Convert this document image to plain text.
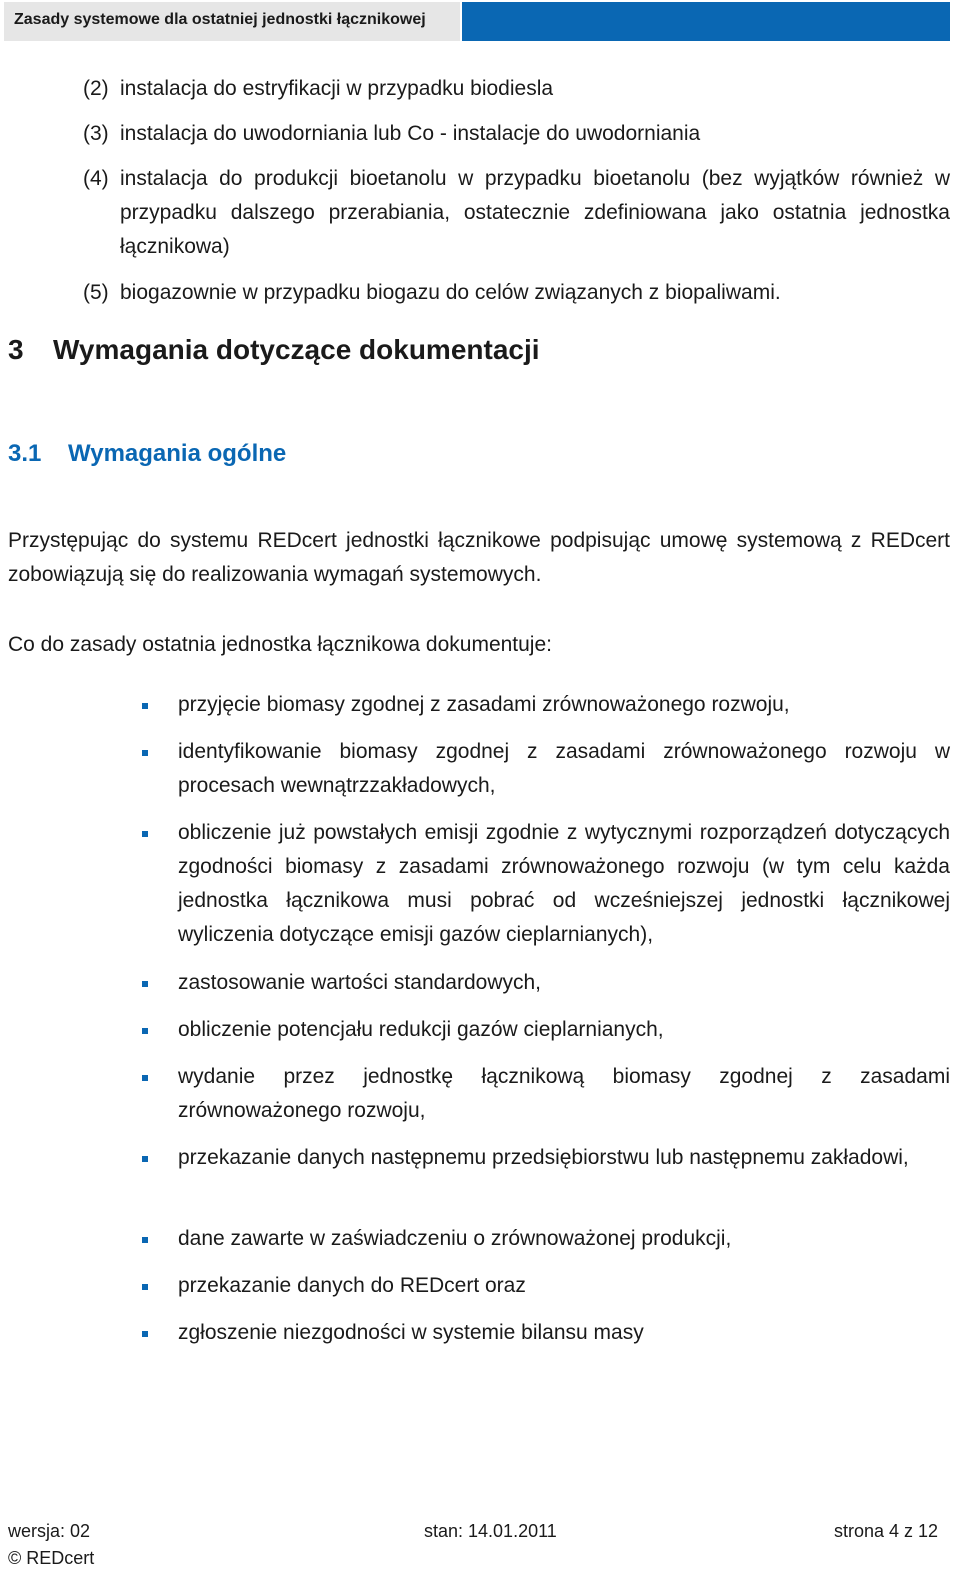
Zasady systemowe dla ostatniej jednostki łącznikowej
(2) instalacja do estryfikacji w przypadku biodiesla
(3) instalacja do uwodorniania lub Co - instalacje do uwodorniania
(4) instalacja do produkcji bioetanolu w przypadku bioetanolu (bez wyjątków również w przypadku dalszego przerabiania, ostatecznie zdefiniowana jako ostatnia jednostka łącznikowa)
(5) biogazownie w przypadku biogazu do celów związanych z biopaliwami.
3 Wymagania dotyczące dokumentacji
3.1 Wymagania ogólne
Przystępując do systemu REDcert jednostki łącznikowe podpisując umowę systemową z REDcert zobowiązują się do realizowania wymagań systemowych.
Co do zasady ostatnia jednostka łącznikowa dokumentuje:
przyjęcie biomasy zgodnej z zasadami zrównoważonego rozwoju,
identyfikowanie biomasy zgodnej z zasadami zrównoważonego rozwoju w procesach wewnątrzzakładowych,
obliczenie już powstałych emisji zgodnie z wytycznymi rozporządzeń dotyczących zgodności biomasy z zasadami zrównoważonego rozwoju (w tym celu każda jednostka łącznikowa musi pobrać od wcześniejszej jednostki łącznikowej wyliczenia dotyczące emisji gazów cieplarnianych),
zastosowanie wartości standardowych,
obliczenie potencjału redukcji gazów cieplarnianych,
wydanie przez jednostkę łącznikową biomasy zgodnej z zasadami zrównoważonego rozwoju,
przekazanie danych następnemu przedsiębiorstwu lub następnemu zakładowi,
dane zawarte w zaświadczeniu o zrównoważonej produkcji,
przekazanie danych do REDcert oraz
zgłoszenie niezgodności w systemie bilansu masy
wersja: 02	stan: 14.01.2011	strona 4 z 12
© REDcert
